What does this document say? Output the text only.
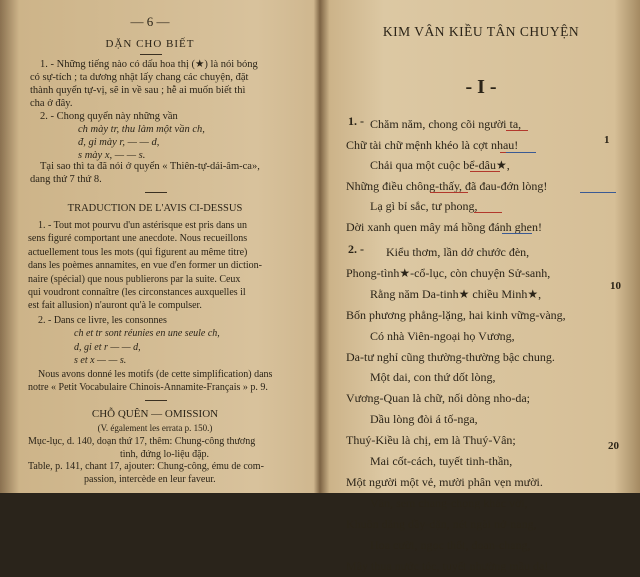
— 6 —
DẶN CHO BIẾT
1. - Những tiếng nào có dấu hoa thị (★) là nói bóng
có sự-tích ; ta dương nhật lấy chang các chuyện, đặt
thành quyển tự-vị, sẽ in về sau ; hễ ai muốn biết thì
cha ở đây.
2. - Chong quyển này những vần
ch mày tr, thu làm một vần ch,
đ, gi mày r, — — d,
s mày x, — — s.
Tại sao thì ta đã nói ở quyển « Thiên-tự-dải-âm-ca»,
dang thứ 7 thứ 8.
TRADUCTION DE L'AVIS CI-DESSUS
1. - Tout mot pourvu d'un astérisque est pris dans un
sens figuré comportant une anecdote. Nous recueillons
actuellement tous les mots (qui figurent au même titre)
dans les poèmes annamites, en vue d'en former un diction-
naire (spécial) que nous publierons par la suite. Ceux
qui voudront connaître (les circonstances auxquelles il
est fait allusion) n'auront qu'à le compulser.
2. - Dans ce livre, les consonnes
ch et tr sont réunies en une seule ch,
d, gi et r — — d,
s et x — — s.
Nous avons donné les motifs (de cette simplification) dans
notre « Petit Vocabulaire Chinois-Annamite-Français » p. 9.
CHỖ QUÊN — OMISSION
(V. également les errata p. 150.)
Mục-lục, d. 140, doạn thứ 17, thêm: Chung-công thương
tình, đứng lo-liệu đặp.
Table, p. 141, chant 17, ajouter: Chung-công, ému de com-
passion, intercède en leur faveur.
KIM VÂN KIỀU TÂN CHUYỆN
- I -
1. - Chăm năm, chong cõi người ta,
Chữ tài chữ mệnh khéo là cợt nhau!
Chải qua một cuộc bể-dâu★,
Những điều chông-thấy, đã đau-đớn lòng!
Lạ gì bỉ sắc, tư phong,
Dời xanh quen mây má hồng đánh ghen!
1
2. -	Kiểu thơm, lần dở chước đèn,
Phong-tình★-cổ-lục, còn chuyện Sử-sanh,
Rằng năm Da-tinh★ chiều Minh★,
Bốn phương phẳng-lặng, hai kinh vững-vàng,
Có nhà Viên-ngoại họ Vương,
Da-tư nghỉ cũng thường-thường bậc chung.
Một dai, con thứ dốt lòng,
Vương-Quan là chữ, nối dòng nho-da;
Dầu lòng đòi á tố-nga,
Thuý-Kiều là chị, em là Thuý-Vân;
Mai cốt-cách, tuyết tinh-thần,
Một người một vẻ, mười phân vẹn mười.
Vân, sem chang-chọng khác vời,
Khuôn dăng dầy-dặn, nét ngài nở-nang,
Hoa cười, ngọc thốt, đoan-chang,
Mây thua nước tóc, tuyết nhường mầu da!
10
20
